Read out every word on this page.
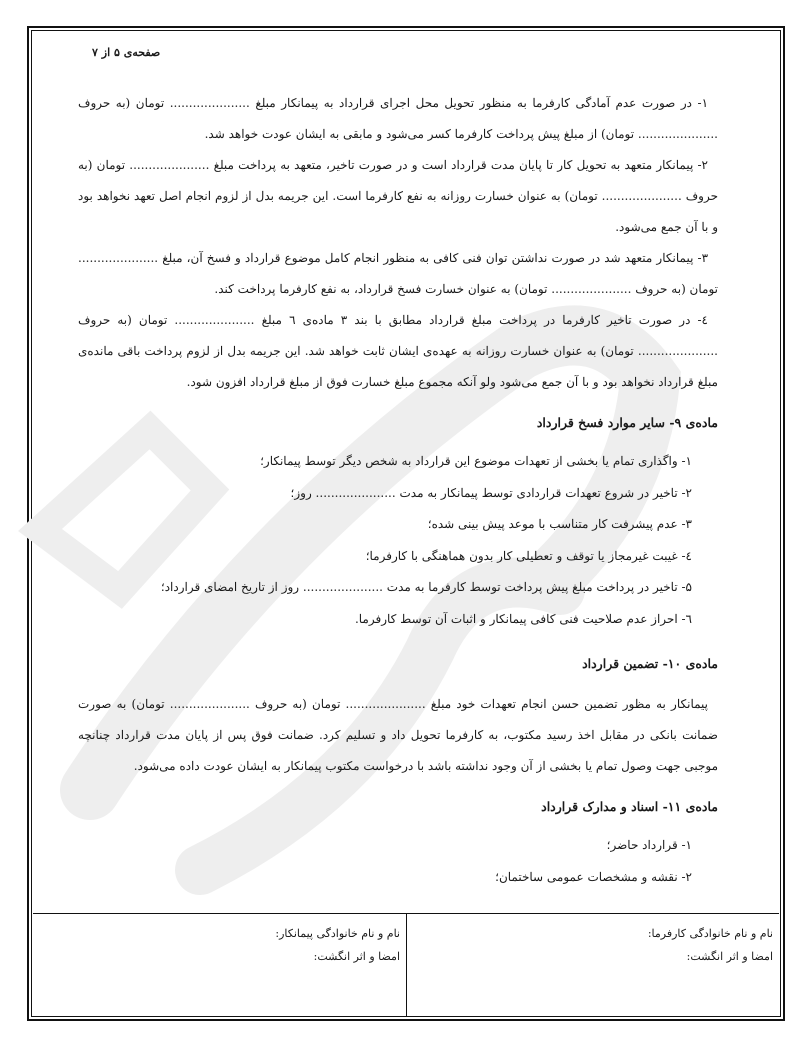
صفحه‌ی ۵ از ۷

۱- در صورت عدم آمادگی کارفرما به منظور تحویل محل اجرای قرارداد به پیمانکار مبلغ ..................... تومان (به حروف ..................... تومان) از مبلغ پیش پرداخت کارفرما کسر می‌شود و مابقی به ایشان عودت خواهد شد.

۲- پیمانکار متعهد به تحویل کار تا پایان مدت قرارداد است و در صورت تاخیر، متعهد به پرداخت مبلغ ..................... تومان (به حروف ..................... تومان) به عنوان خسارت روزانه به نفع کارفرما است. این جریمه بدل از لزوم انجام اصل تعهد نخواهد بود و با آن جمع می‌شود.

۳- پیمانکار متعهد شد در صورت نداشتن توان فنی کافی به منظور انجام کامل موضوع قرارداد و فسخ آن، مبلغ ..................... تومان (به حروف ..................... تومان) به عنوان خسارت فسخ قرارداد، به نفع کارفرما پرداخت کند.

٤- در صورت تاخیر کارفرما در پرداخت مبلغ قرارداد مطابق با بند ۳ ماده‌ی ٦ مبلغ ..................... تومان (به حروف ..................... تومان) به عنوان خسارت روزانه به عهده‌ی ایشان ثابت خواهد شد. این جریمه بدل از لزوم پرداخت باقی مانده‌ی مبلغ قرارداد نخواهد بود و با آن جمع می‌شود ولو آنکه مجموع مبلغ خسارت فوق از مبلغ قرارداد افزون شود.

ماده‌ی ۹- سایر موارد فسخ قرارداد

۱- واگذاری تمام یا بخشی از تعهدات موضوع این قرارداد به شخص دیگر توسط پیمانکار؛

۲- تاخیر در شروع تعهدات قراردادی توسط پیمانکار به مدت ..................... روز؛

۳- عدم پیشرفت کار متناسب با موعد پیش بینی شده؛

٤- غیبت غیرمجاز یا توقف و تعطیلی کار بدون هماهنگی با کارفرما؛

۵- تاخیر در پرداخت مبلغ پیش پرداخت توسط کارفرما به مدت ..................... روز از تاریخ امضای قرارداد؛

٦- احراز عدم صلاحیت فنی کافی پیمانکار و اثبات آن توسط کارفرما.

ماده‌ی ۱۰- تضمین قرارداد

پیمانکار به مظور تضمین حسن انجام تعهدات خود مبلغ ..................... تومان (به حروف ..................... تومان) به صورت ضمانت بانکی در مقابل اخذ رسید مکتوب، به کارفرما تحویل داد و تسلیم کرد. ضمانت فوق پس از پایان مدت قرارداد چنانچه موجبی جهت وصول تمام یا بخشی از آن وجود نداشته باشد با درخواست مکتوب پیمانکار به ایشان عودت داده می‌شود.

ماده‌ی ۱۱- اسناد و مدارک قرارداد

۱- قرارداد حاضر؛

۲- نقشه و مشخصات عمومی ساختمان؛

نام و نام خانوادگی کارفرما:
امضا و اثر انگشت:
نام و نام خانوادگی پیمانکار:
امضا و اثر انگشت:
